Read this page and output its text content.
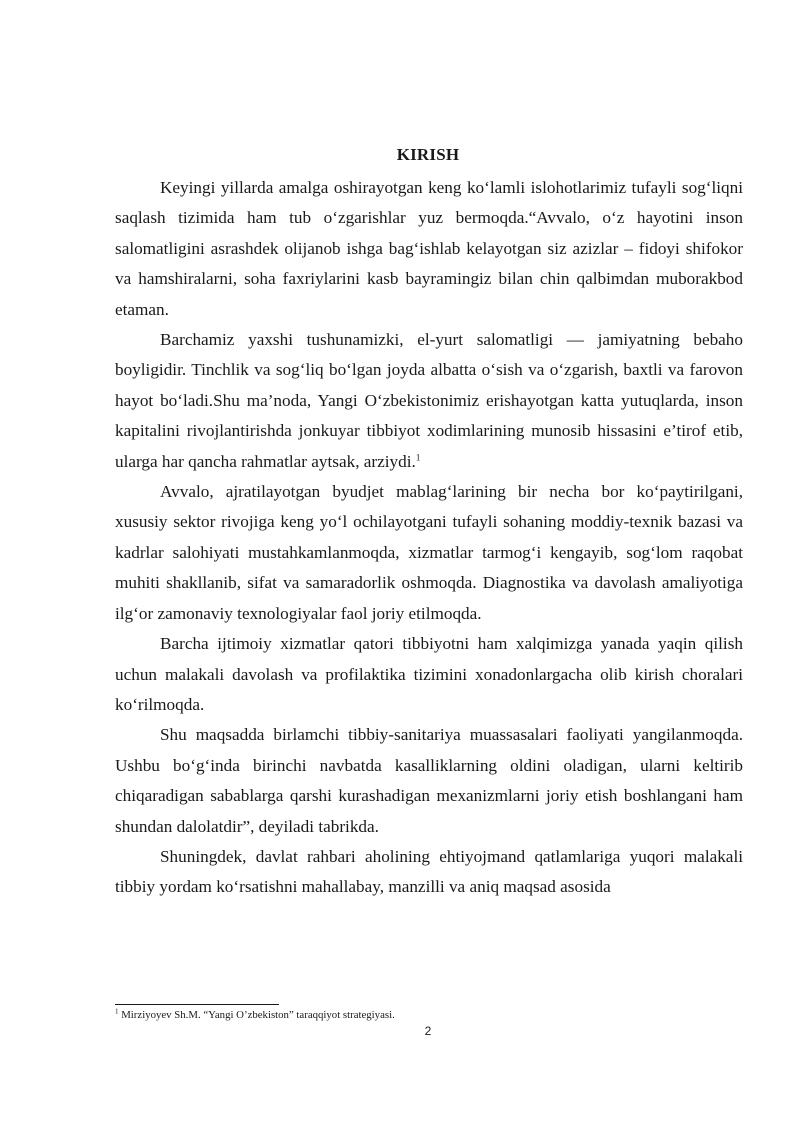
KIRISH

Keyingi yillarda amalga oshirayotgan keng ko‘lamli islohotlarimiz tufayli sog‘liqni saqlash tizimida ham tub o‘zgarishlar yuz bermoqda.“Avvalo, o‘z hayotini inson salomatligini asrashdek olijanob ishga bag‘ishlab kelayotgan siz azizlar – fidoyi shifokor va hamshiralarni, soha faxriylarini kasb bayramingiz bilan chin qalbimdan muborakbod etaman.

Barchamiz yaxshi tushunamizki, el-yurt salomatligi — jamiyatning bebaho boyligidir. Tinchlik va sog‘liq bo‘lgan joyda albatta o‘sish va o‘zgarish, baxtli va farovon hayot bo‘ladi.Shu ma’noda, Yangi O‘zbekistonimiz erishayotgan katta yutuqlarda, inson kapitalini rivojlantirishda jonkuyar tibbiyot xodimlarining munosib hissasini e’tirof etib, ularga har qancha rahmatlar aytsak, arziydi.$^1$

Avvalo, ajratilayotgan byudjet mablag‘larining bir necha bor ko‘paytirilgani, xususiy sektor rivojiga keng yo‘l ochilayotgani tufayli sohaning moddiy-texnik bazasi va kadrlar salohiyati mustahkamlanmoqda, xizmatlar tarmog‘i kengayib, sog‘lom raqobat muhiti shakllanib, sifat va samaradorlik oshmoqda. Diagnostika va davolash amaliyotiga ilg‘or zamonaviy texnologiyalar faol joriy etilmoqda.

Barcha ijtimoiy xizmatlar qatori tibbiyotni ham xalqimizga yanada yaqin qilish uchun malakali davolash va profilaktika tizimini xonadonlargacha olib kirish choralari ko‘rilmoqda.

Shu maqsadda birlamchi tibbiy-sanitariya muassasalari faoliyati yangilanmoqda. Ushbu bo‘g‘inda birinchi navbatda kasalliklarning oldini oladigan, ularni keltirib chiqaradigan sabablarga qarshi kurashadigan mexanizmlarni joriy etish boshlangani ham shundan dalolatdir”, deyiladi tabrikda.

Shuningdek, davlat rahbari aholining ehtiyojmand qatlamlariga yuqori malakali tibbiy yordam ko‘rsatishni mahallabay, manzilli va aniq maqsad asosida

$^1$ Mirziyoyev Sh.M. “Yangi O’zbekiston” taraqqiyot strategiyasi.
2
